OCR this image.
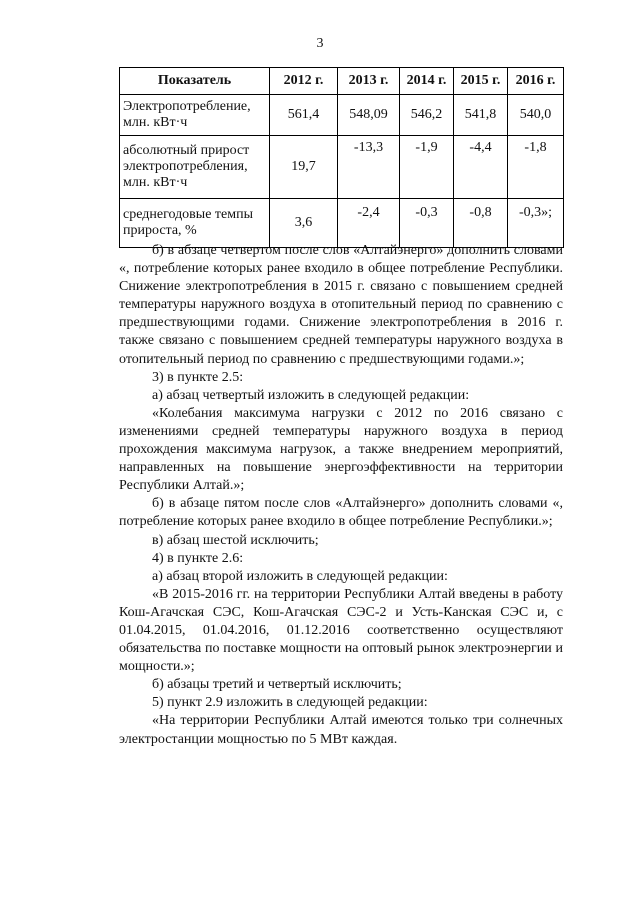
3
Показатель	2012 г.	2013 г.	2014 г.	2015 г.	2016 г.
Электропотребление, млн. кВт·ч	561,4	548,09	546,2	541,8	540,0
абсолютный прирост электропотребления, млн. кВт·ч	19,7	-13,3	-1,9	-4,4	-1,8
среднегодовые темпы прироста, %	3,6	-2,4	-0,3	-0,8	-0,3»;

б) в абзаце четвертом после слов «Алтайэнерго» дополнить словами «, потребление которых ранее входило в общее потребление Республики. Снижение электропотребления в 2015 г. связано с повышением средней температуры наружного воздуха в отопительный период по сравнению с предшествующими годами. Снижение электропотребления в 2016 г. также связано с повышением средней температуры наружного воздуха в отопительный период по сравнению с предшествующими годами.»;

3) в пункте 2.5:

а) абзац четвертый изложить в следующей редакции:

«Колебания максимума нагрузки с 2012 по 2016 связано с изменениями средней температуры наружного воздуха в период прохождения максимума нагрузок, а также внедрением мероприятий, направленных на повышение энергоэффективности на территории Республики Алтай.»;

б) в абзаце пятом после слов «Алтайэнерго» дополнить словами «, потребление которых ранее входило в общее потребление Республики.»;

в) абзац шестой исключить;

4) в пункте 2.6:

а) абзац второй изложить в следующей редакции:

«В 2015-2016 гг. на территории Республики Алтай введены в работу Кош-Агачская СЭС, Кош-Агачская СЭС-2 и Усть-Канская СЭС и, с 01.04.2015, 01.04.2016, 01.12.2016 соответственно осуществляют обязательства по поставке мощности на оптовый рынок электроэнергии и мощности.»;

б) абзацы третий и четвертый исключить;

5) пункт 2.9 изложить в следующей редакции:

«На территории Республики Алтай имеются только три солнечных электростанции мощностью по 5 МВт каждая.
